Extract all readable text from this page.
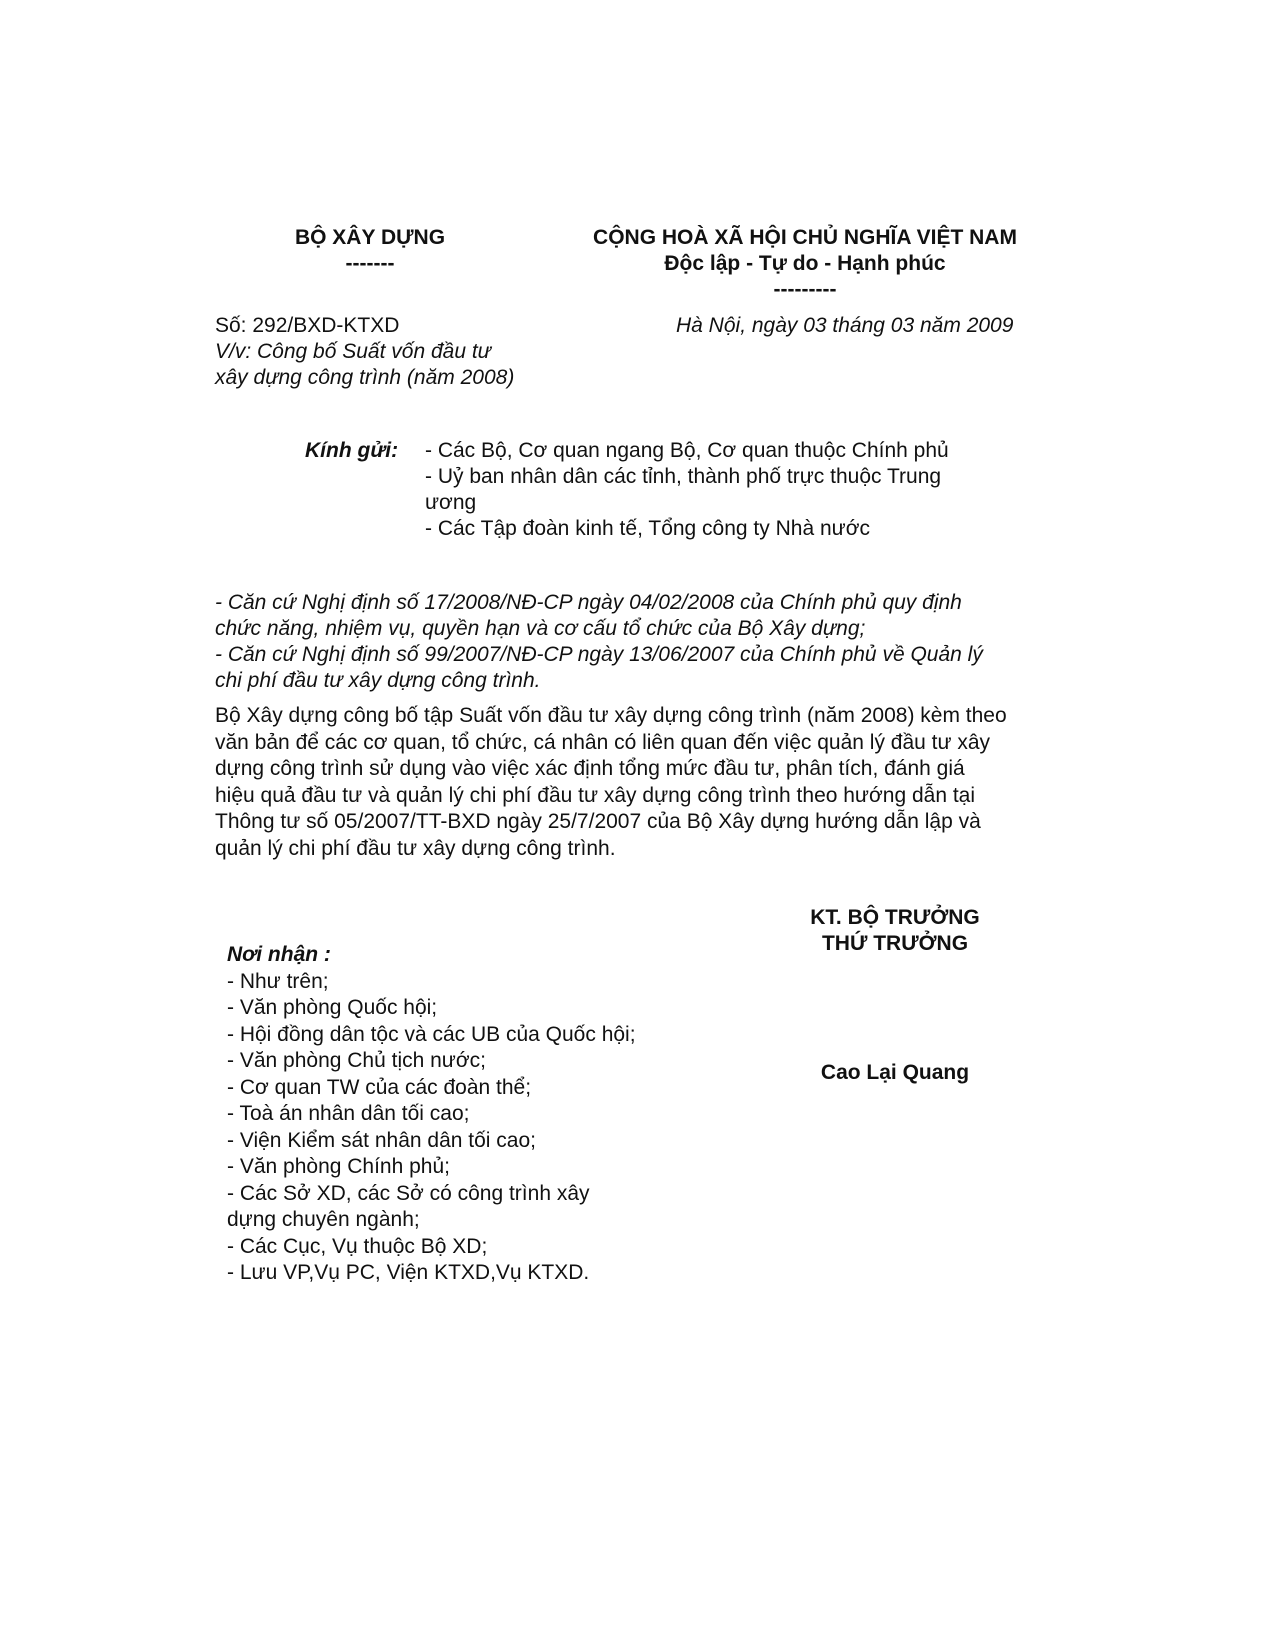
BỘ XÂY DỰNG
-------
CỘNG HOÀ XÃ HỘI CHỦ NGHĨA VIỆT NAM
Độc lập - Tự do - Hạnh phúc
---------
Số: 292/BXD-KTXD
V/v: Công bố Suất vốn đầu tư
xây dựng công trình (năm 2008)
Hà Nội, ngày 03 tháng 03 năm 2009
Kính gửi: - Các Bộ, Cơ quan ngang Bộ, Cơ quan thuộc Chính phủ
- Uỷ ban nhân dân các tỉnh, thành phố trực thuộc Trung
ương
- Các Tập đoàn kinh tế, Tổng công ty Nhà nước
- Căn cứ Nghị định số 17/2008/NĐ-CP ngày 04/02/2008 của Chính phủ quy định
chức năng, nhiệm vụ, quyền hạn và cơ cấu tổ chức của Bộ Xây dựng;
- Căn cứ Nghị định số 99/2007/NĐ-CP ngày 13/06/2007 của Chính phủ về Quản lý
chi phí đầu tư xây dựng công trình.
Bộ Xây dựng công bố tập Suất vốn đầu tư xây dựng công trình (năm 2008) kèm theo
văn bản để các cơ quan, tổ chức, cá nhân có liên quan đến việc quản lý đầu tư xây
dựng công trình sử dụng vào việc xác định tổng mức đầu tư, phân tích, đánh giá
hiệu quả đầu tư và quản lý chi phí đầu tư xây dựng công trình theo hướng dẫn tại
Thông tư số 05/2007/TT-BXD ngày 25/7/2007 của Bộ Xây dựng hướng dẫn lập và
quản lý chi phí đầu tư xây dựng công trình.
KT. BỘ TRƯỞNG
THỨ TRƯỞNG
Cao Lại Quang
Nơi nhận :
- Như trên;
- Văn phòng Quốc hội;
- Hội đồng dân tộc và các UB của Quốc hội;
- Văn phòng Chủ tịch nước;
- Cơ quan TW của các đoàn thể;
- Toà án nhân dân tối cao;
- Viện Kiểm sát nhân dân tối cao;
- Văn phòng Chính phủ;
- Các Sở XD, các Sở có công trình xây
dựng chuyên ngành;
- Các Cục, Vụ thuộc Bộ XD;
- Lưu VP,Vụ PC, Viện KTXD,Vụ KTXD.
